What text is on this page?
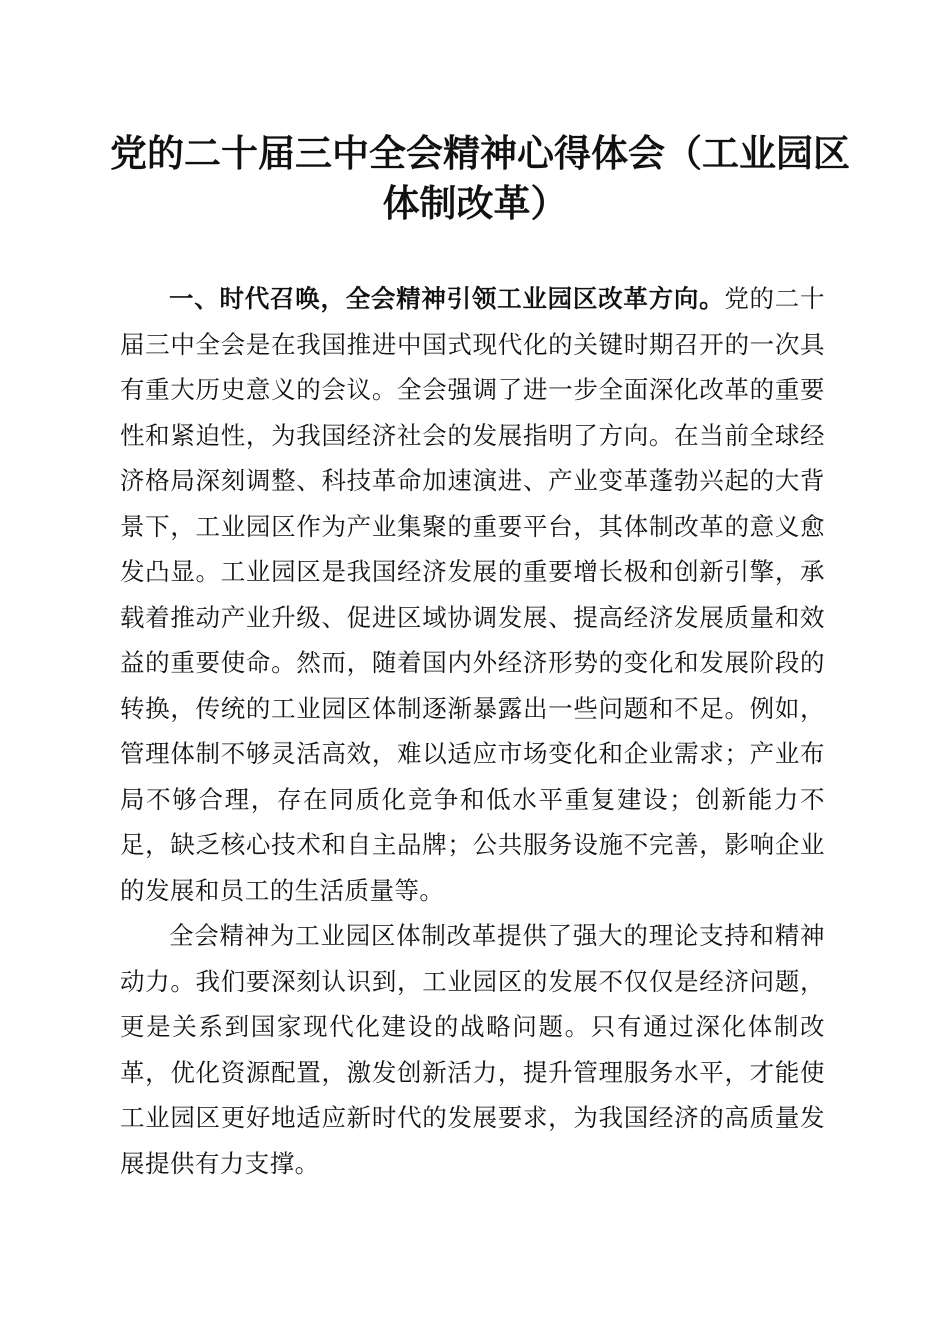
党的二十届三中全会精神心得体会（工业园区
体制改革）

一、时代召唤，全会精神引领工业园区改革方向。党的二十届三中全会是在我国推进中国式现代化的关键时期召开的一次具有重大历史意义的会议。全会强调了进一步全面深化改革的重要性和紧迫性，为我国经济社会的发展指明了方向。在当前全球经济格局深刻调整、科技革命加速演进、产业变革蓬勃兴起的大背景下，工业园区作为产业集聚的重要平台，其体制改革的意义愈发凸显。工业园区是我国经济发展的重要增长极和创新引擎，承载着推动产业升级、促进区域协调发展、提高经济发展质量和效益的重要使命。然而，随着国内外经济形势的变化和发展阶段的转换，传统的工业园区体制逐渐暴露出一些问题和不足。例如，管理体制不够灵活高效，难以适应市场变化和企业需求；产业布局不够合理，存在同质化竞争和低水平重复建设；创新能力不足，缺乏核心技术和自主品牌；公共服务设施不完善，影响企业的发展和员工的生活质量等。

全会精神为工业园区体制改革提供了强大的理论支持和精神动力。我们要深刻认识到，工业园区的发展不仅仅是经济问题，更是关系到国家现代化建设的战略问题。只有通过深化体制改革，优化资源配置，激发创新活力，提升管理服务水平，才能使工业园区更好地适应新时代的发展要求，为我国经济的高质量发展提供有力支撑。
